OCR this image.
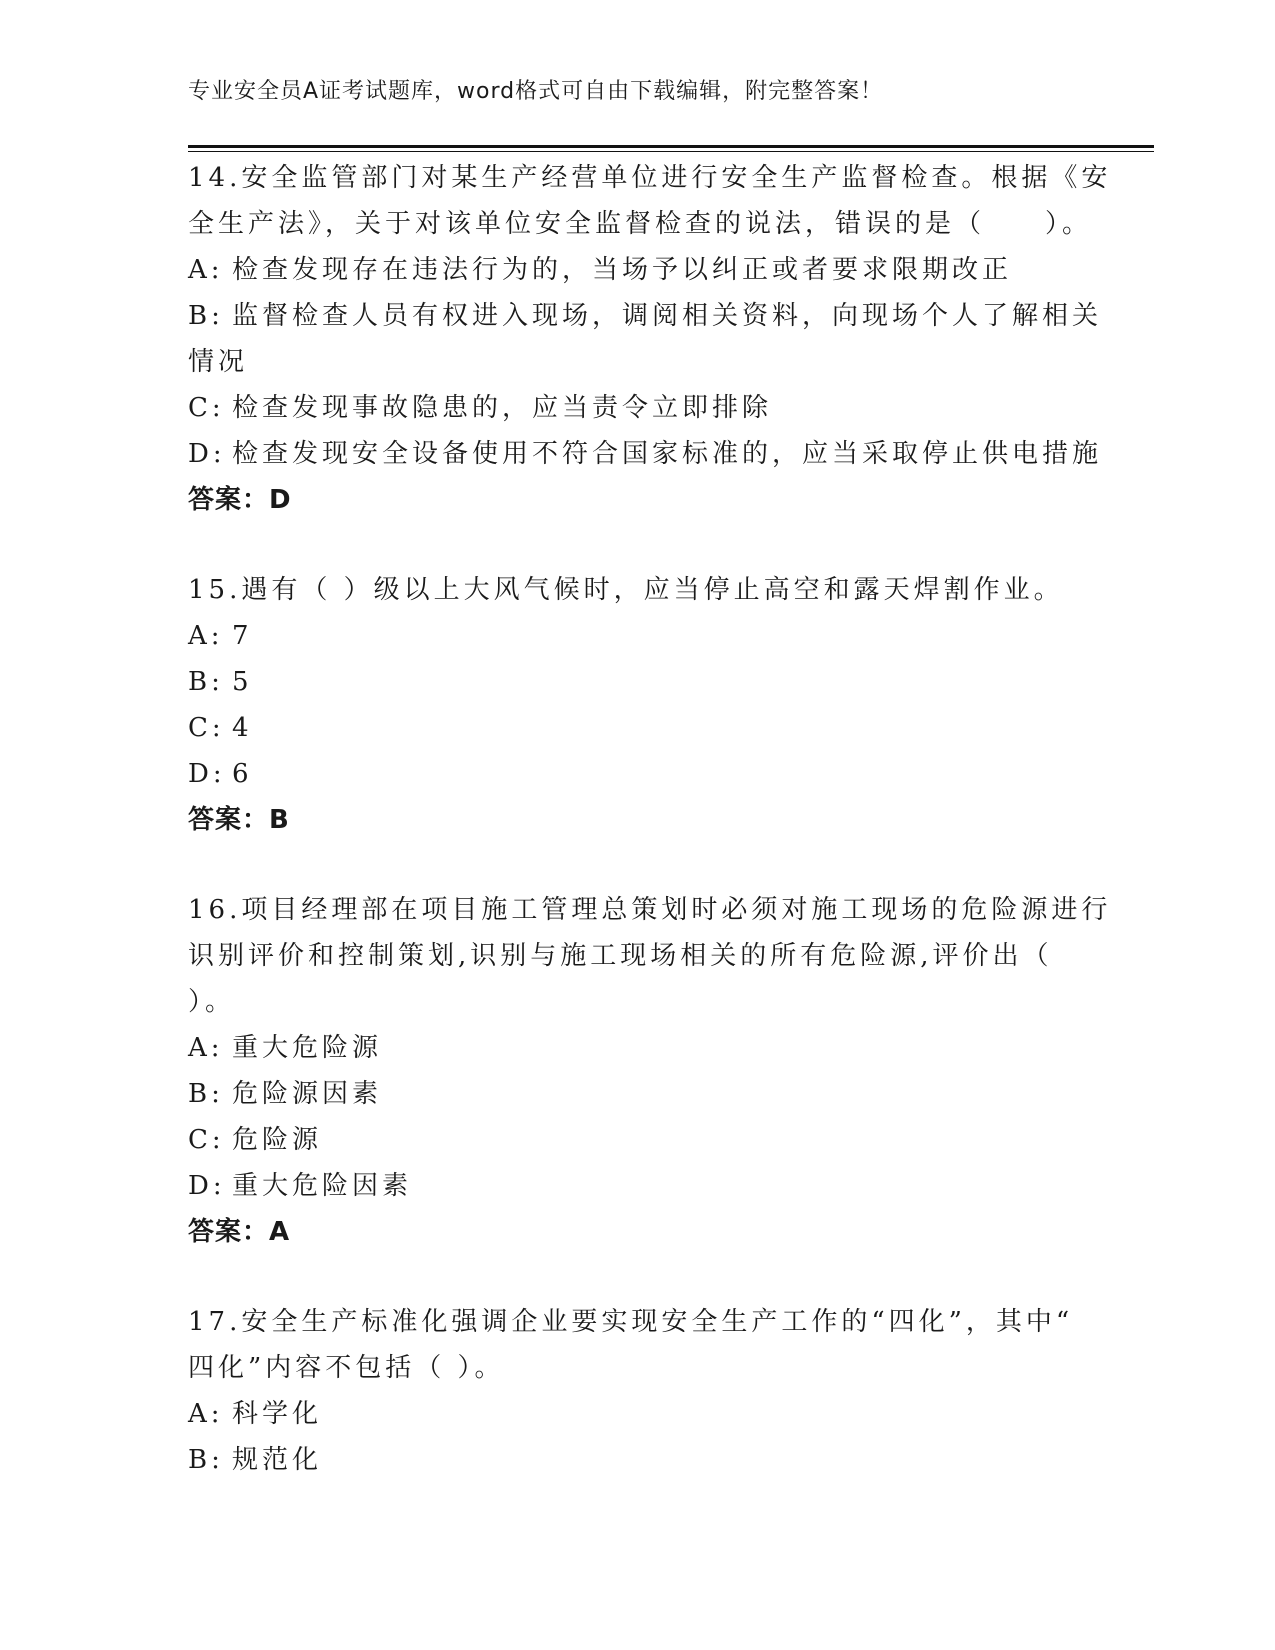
专业安全员A证考试题库，word格式可自由下载编辑，附完整答案！
14.安全监管部门对某生产经营单位进行安全生产监督检查。根据《安
全生产法》，关于对该单位安全监督检查的说法，错误的是（　　）。
A: 检查发现存在违法行为的，当场予以纠正或者要求限期改正
B: 监督检查人员有权进入现场，调阅相关资料，向现场个人了解相关
情况
C: 检查发现事故隐患的，应当责令立即排除
D: 检查发现安全设备使用不符合国家标准的，应当采取停止供电措施
答案：D
15.遇有（ ）级以上大风气候时，应当停止高空和露天焊割作业。
A: 7
B: 5
C: 4
D: 6
答案：B
16.项目经理部在项目施工管理总策划时必须对施工现场的危险源进行
识别评价和控制策划,识别与施工现场相关的所有危险源,评价出（
）。
A: 重大危险源
B: 危险源因素
C: 危险源
D: 重大危险因素
答案：A
17.安全生产标准化强调企业要实现安全生产工作的“四化”，其中“
四化”内容不包括（ ）。
A: 科学化
B: 规范化
